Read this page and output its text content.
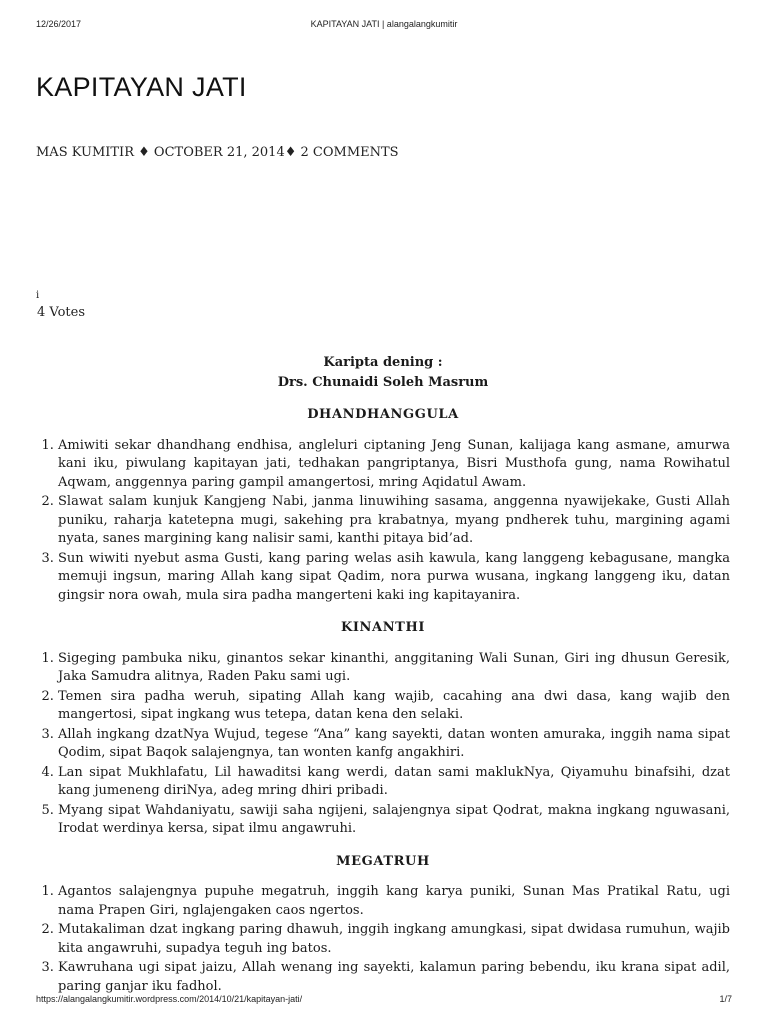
12/26/2017	KAPITAYAN JATI | alangalangkumitir
KAPITAYAN JATI
MAS KUMITIR ♦ OCTOBER 21, 2014♦ 2 COMMENTS
i
4 Votes
Karipta dening :
Drs. Chunaidi Soleh Masrum
DHANDHANGGULA
1. Amiwiti sekar dhandhang endhisa, angleluri ciptaning Jeng Sunan, kalijaga kang asmane, amurwa kani iku, piwulang kapitayan jati, tedhakan pangriptanya, Bisri Musthofa gung, nama Rowihatul Aqwam, anggennya paring gampil amangertosi, mring Aqidatul Awam.
2. Slawat salam kunjuk Kangjeng Nabi, janma linuwihing sasama, anggenna nyawijekake, Gusti Allah puniku, raharja katetepna mugi, sakehing pra krabatnya, myang pndherek tuhu, margining agami nyata, sanes margining kang nalisir sami, kanthi pitaya bid’ad.
3. Sun wiwiti nyebut asma Gusti, kang paring welas asih kawula, kang langgeng kebagusane, mangka memuji ingsun, maring Allah kang sipat Qadim, nora purwa wusana, ingkang langgeng iku, datan gingsir nora owah, mula sira padha mangerteni kaki ing kapitayanira.
KINANTHI
1. Sigeging pambuka niku, ginantos sekar kinanthi, anggitaning Wali Sunan, Giri ing dhusun Geresik, Jaka Samudra alitnya, Raden Paku sami ugi.
2. Temen sira padha weruh, sipating Allah kang wajib, cacahing ana dwi dasa, kang wajib den mangertosi, sipat ingkang wus tetepa, datan kena den selaki.
3. Allah ingkang dzatNya Wujud, tegese “Ana” kang sayekti, datan wonten amuraka, inggih nama sipat Qodim, sipat Baqok salajengnya, tan wonten kanfg angakhiri.
4. Lan sipat Mukhlafatu, Lil hawaditsi kang werdi, datan sami maklukNya, Qiyamuhu binafsihi, dzat kang jumeneng diriNya, adeg mring dhiri pribadi.
5. Myang sipat Wahdaniyatu, sawiji saha ngijeni, salajengnya sipat Qodrat, makna ingkang nguwasani, Irodat werdinya kersa, sipat ilmu angawruhi.
MEGATRUH
1. Agantos salajengnya pupuhe megatruh, inggih kang karya puniki, Sunan Mas Pratikal Ratu, ugi nama Prapen Giri, nglajengaken caos ngertos.
2. Mutakaliman dzat ingkang paring dhawuh, inggih ingkang amungkasi, sipat dwidasa rumuhun, wajib kita angawruhi, supadya teguh ing batos.
3. Kawruhana ugi sipat jaizu, Allah wenang ing sayekti, kalamun paring bebendu, iku krana sipat adil, paring ganjar iku fadhol.
https://alangalangkumitir.wordpress.com/2014/10/21/kapitayan-jati/	1/7
